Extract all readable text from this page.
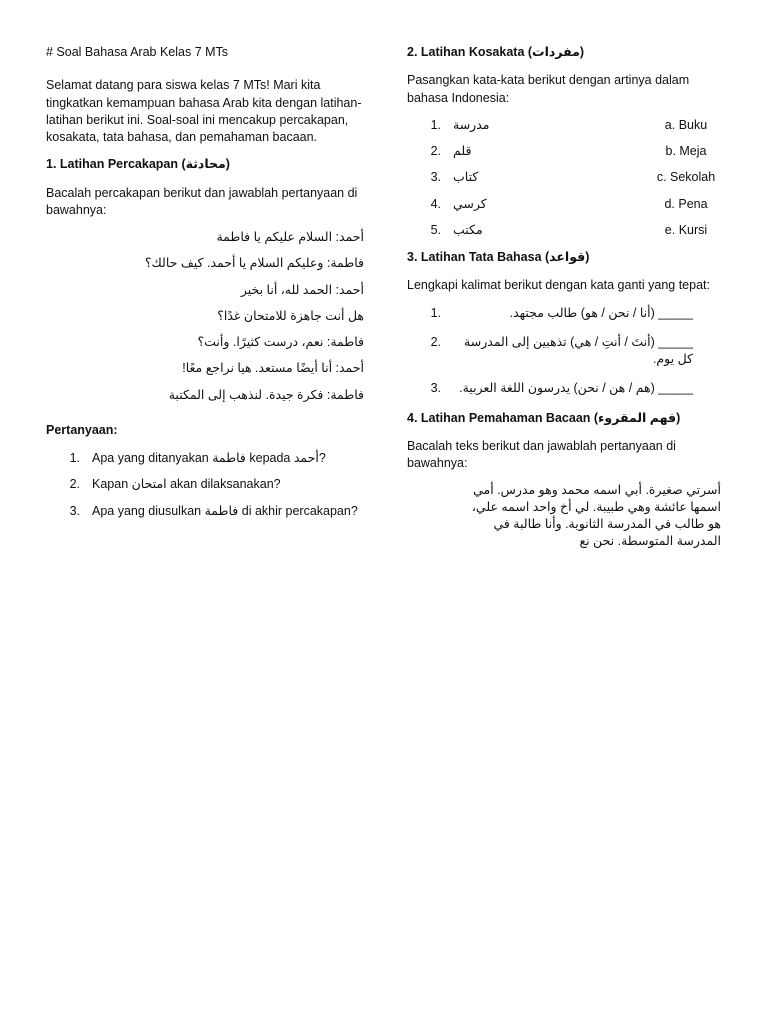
# Soal Bahasa Arab Kelas 7 MTs

Selamat datang para siswa kelas 7 MTs! Mari kita tingkatkan kemampuan bahasa Arab kita dengan latihan-latihan berikut ini. Soal-soal ini mencakup percakapan, kosakata, tata bahasa, dan pemahaman bacaan.

1. Latihan Percakapan (محادثة)

Bacalah percakapan berikut dan jawablah pertanyaan di bawahnya:

أحمد: السلام عليكم يا فاطمة

فاطمة: وعليكم السلام يا أحمد. كيف حالك؟

أحمد: الحمد لله، أنا بخير

هل أنت جاهزة للامتحان غدًا؟

فاطمة: نعم، درست كثيرًا. وأنت؟

أحمد: أنا أيضًا مستعد. هيا نراجع معًا!

فاطمة: فكرة جيدة. لنذهب إلى المكتبة

Pertanyaan:
1. Apa yang ditanyakan فاطمة kepada أحمد?
2. Kapan امتحان akan dilaksanakan?
3. Apa yang diusulkan فاطمة di akhir percakapan?
2. Latihan Kosakata (مفردات)

Pasangkan kata-kata berikut dengan artinya dalam bahasa Indonesia:

1. مدرسة	a. Buku
2. قلم	b. Meja
3. كتاب	c. Sekolah
4. كرسي	d. Pena
5. مكتب	e. Kursi
3. Latihan Tata Bahasa (قواعد)

Lengkapi kalimat berikut dengan kata ganti yang tepat:

1.	_____ (أنا / نحن / هو) طالب مجتهد.
2.	_____ (أنتَ / أنتِ / هي) تذهبين إلى المدرسة كل يوم.
3.	_____ (هم / هن / نحن) يدرسون اللغة العربية.
4. Latihan Pemahaman Bacaan (فهم المقروء)

Bacalah teks berikut dan jawablah pertanyaan di bawahnya:

أسرتي صغيرة. أبي اسمه محمد وهو مدرس. أمي اسمها عائشة وهي طبيبة. لي أخ واحد اسمه علي، هو طالب في المدرسة الثانوية. وأنا طالبة في المدرسة المتوسطة. نحن نع
